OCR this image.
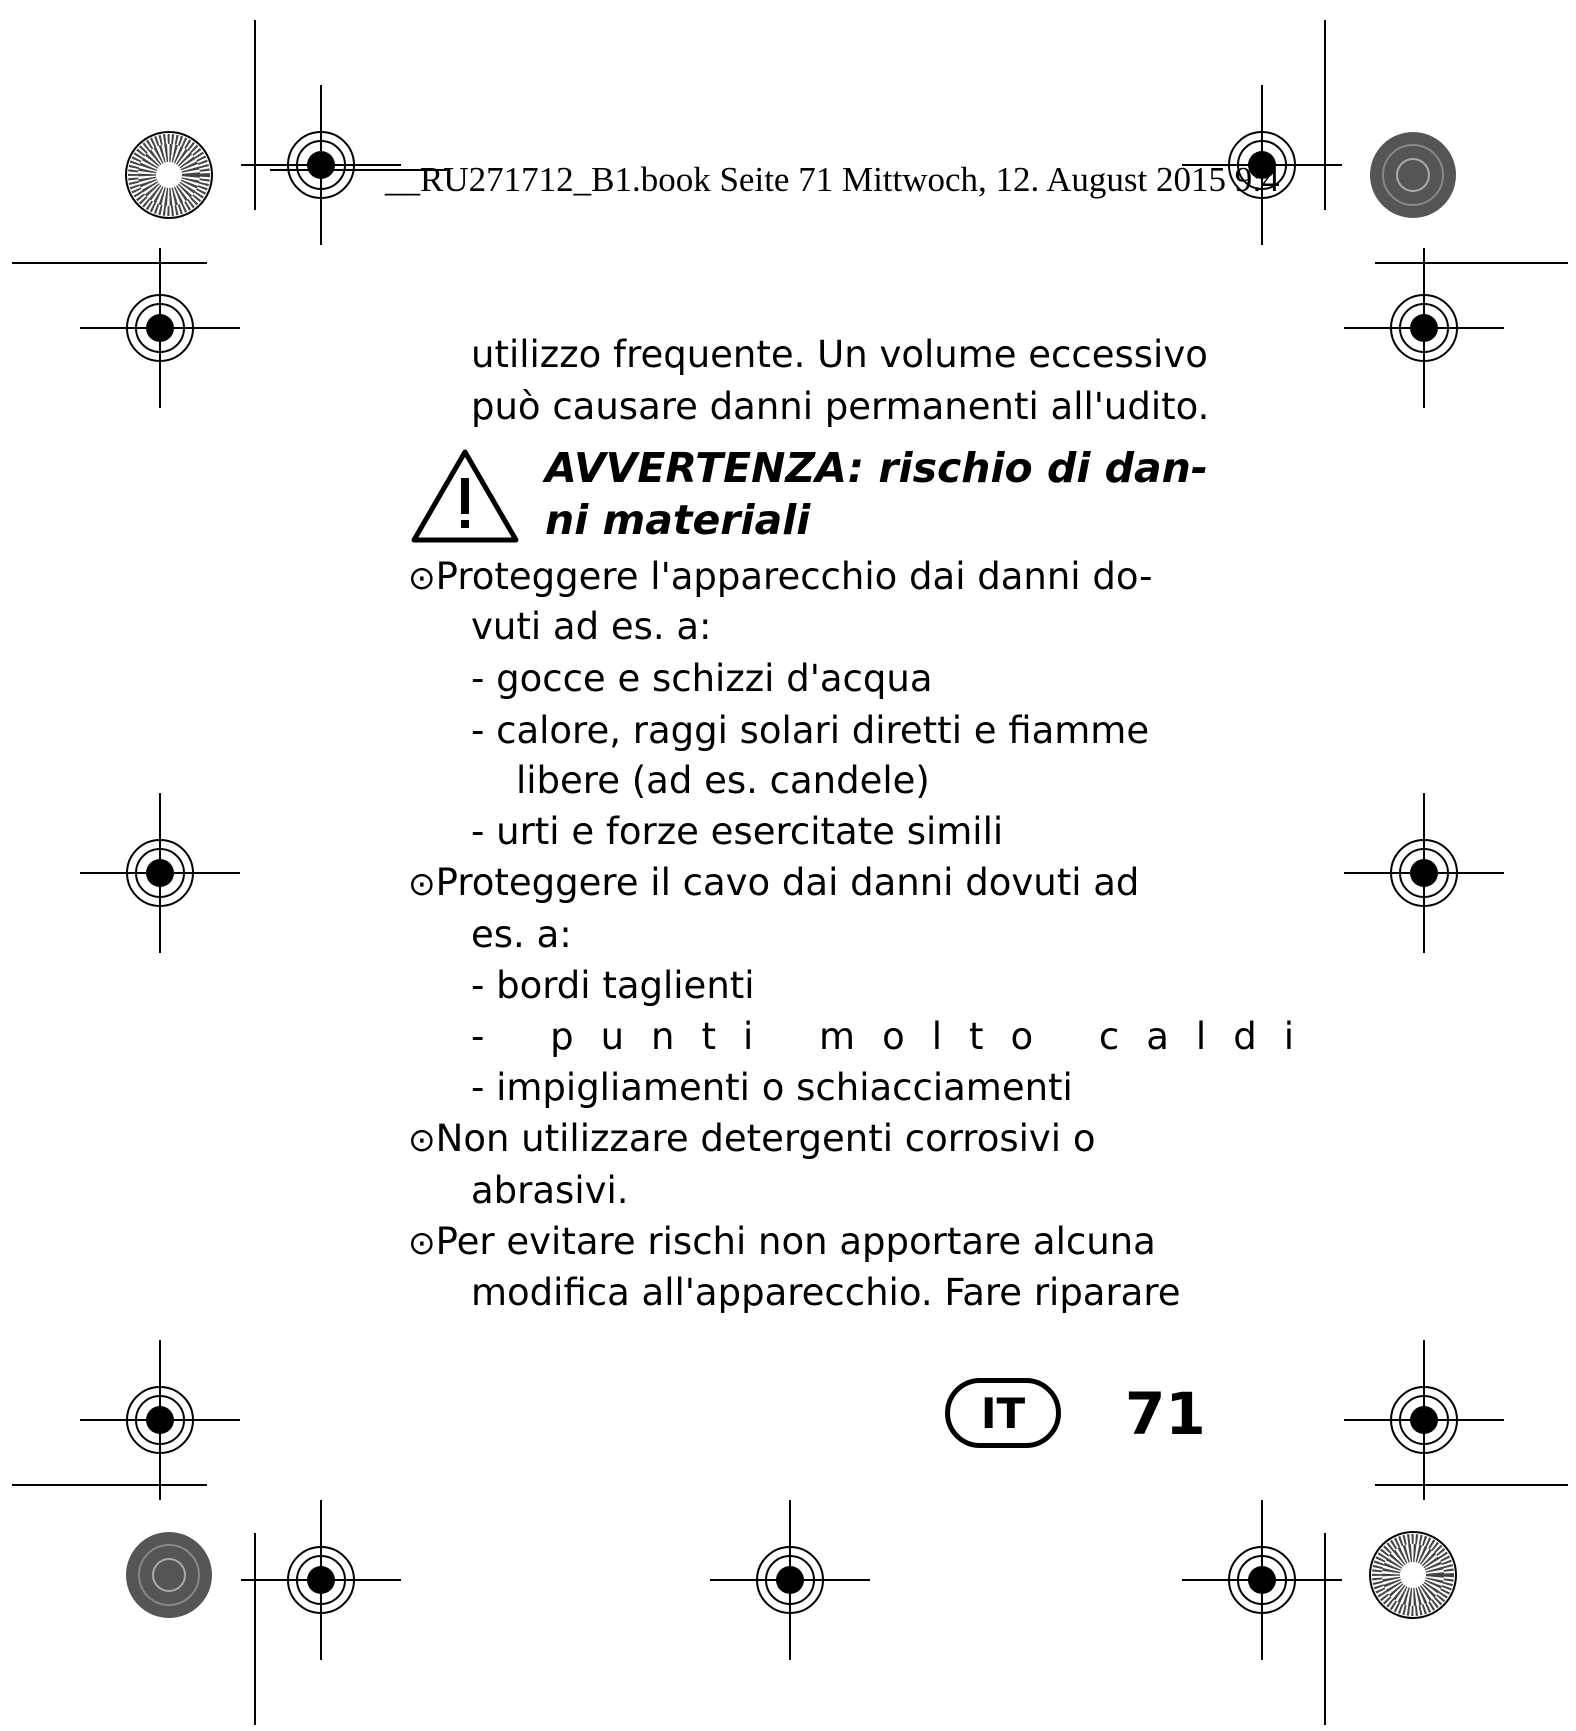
__RU271712_B1.book Seite 71 Mittwoch, 12. August 2015 9:4
utilizzo frequente. Un volume eccessivo
può causare danni permanenti all'udito.
AVVERTENZA: rischio di dan-
ni materiali
⊙Proteggere l'apparecchio dai danni do-
vuti ad es. a:
- gocce e schizzi d'acqua
- calore, raggi solari diretti e fiamme
libere (ad es. candele)
- urti e forze esercitate simili
⊙Proteggere il cavo dai danni dovuti ad
es. a:
- bordi taglienti
- punti molto caldi
- impigliamenti o schiacciamenti
⊙Non utilizzare detergenti corrosivi o
abrasivi.
⊙Per evitare rischi non apportare alcuna
modifica all'apparecchio. Fare riparare
IT 71
